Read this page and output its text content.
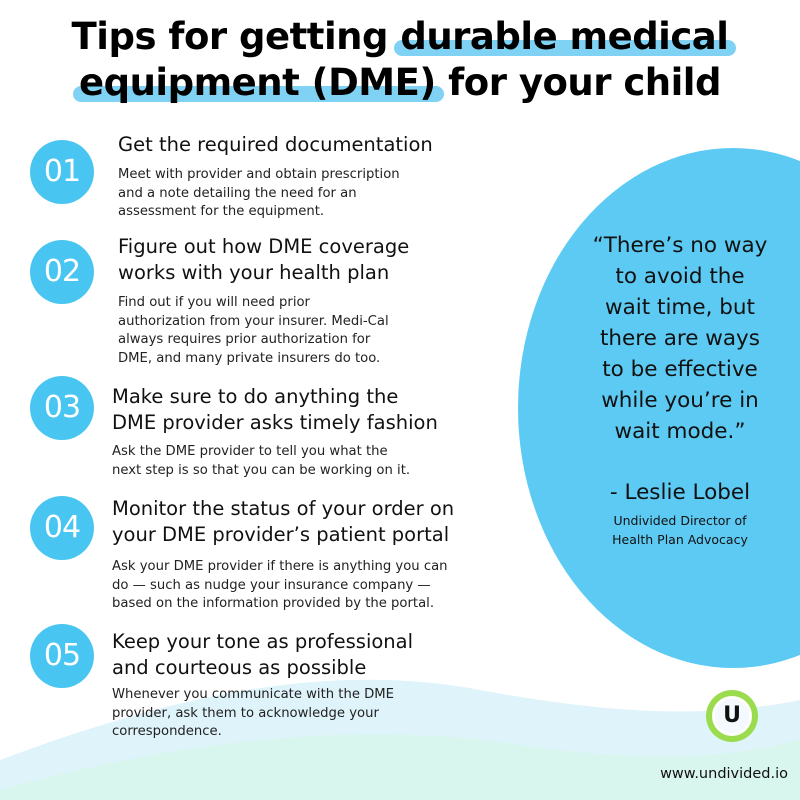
Tips for getting durable medical
equipment (DME) for your child
“There’s no way
to avoid the
wait time, but
there are ways
to be effective
while you’re in
wait mode.”
- Leslie Lobel
Undivided Director of
Health Plan Advocacy
01
Get the required documentation
Meet with provider and obtain prescription
and a note detailing the need for an
assessment for the equipment.
02
Figure out how DME coverage
works with your health plan
Find out if you will need prior
authorization from your insurer. Medi-Cal
always requires prior authorization for
DME, and many private insurers do too.
03	Make sure to do anything the
DME provider asks timely fashion
Ask the DME provider to tell you what the
next step is so that you can be working on it.
04
Monitor the status of your order on
your DME provider’s patient portal
Ask your DME provider if there is anything you can
do — such as nudge your insurance company —
based on the information provided by the portal.
05	Keep your tone as professional
and courteous as possible
Whenever you communicate with the DME
provider, ask them to acknowledge your
correspondence.
U
www.undivided.io
